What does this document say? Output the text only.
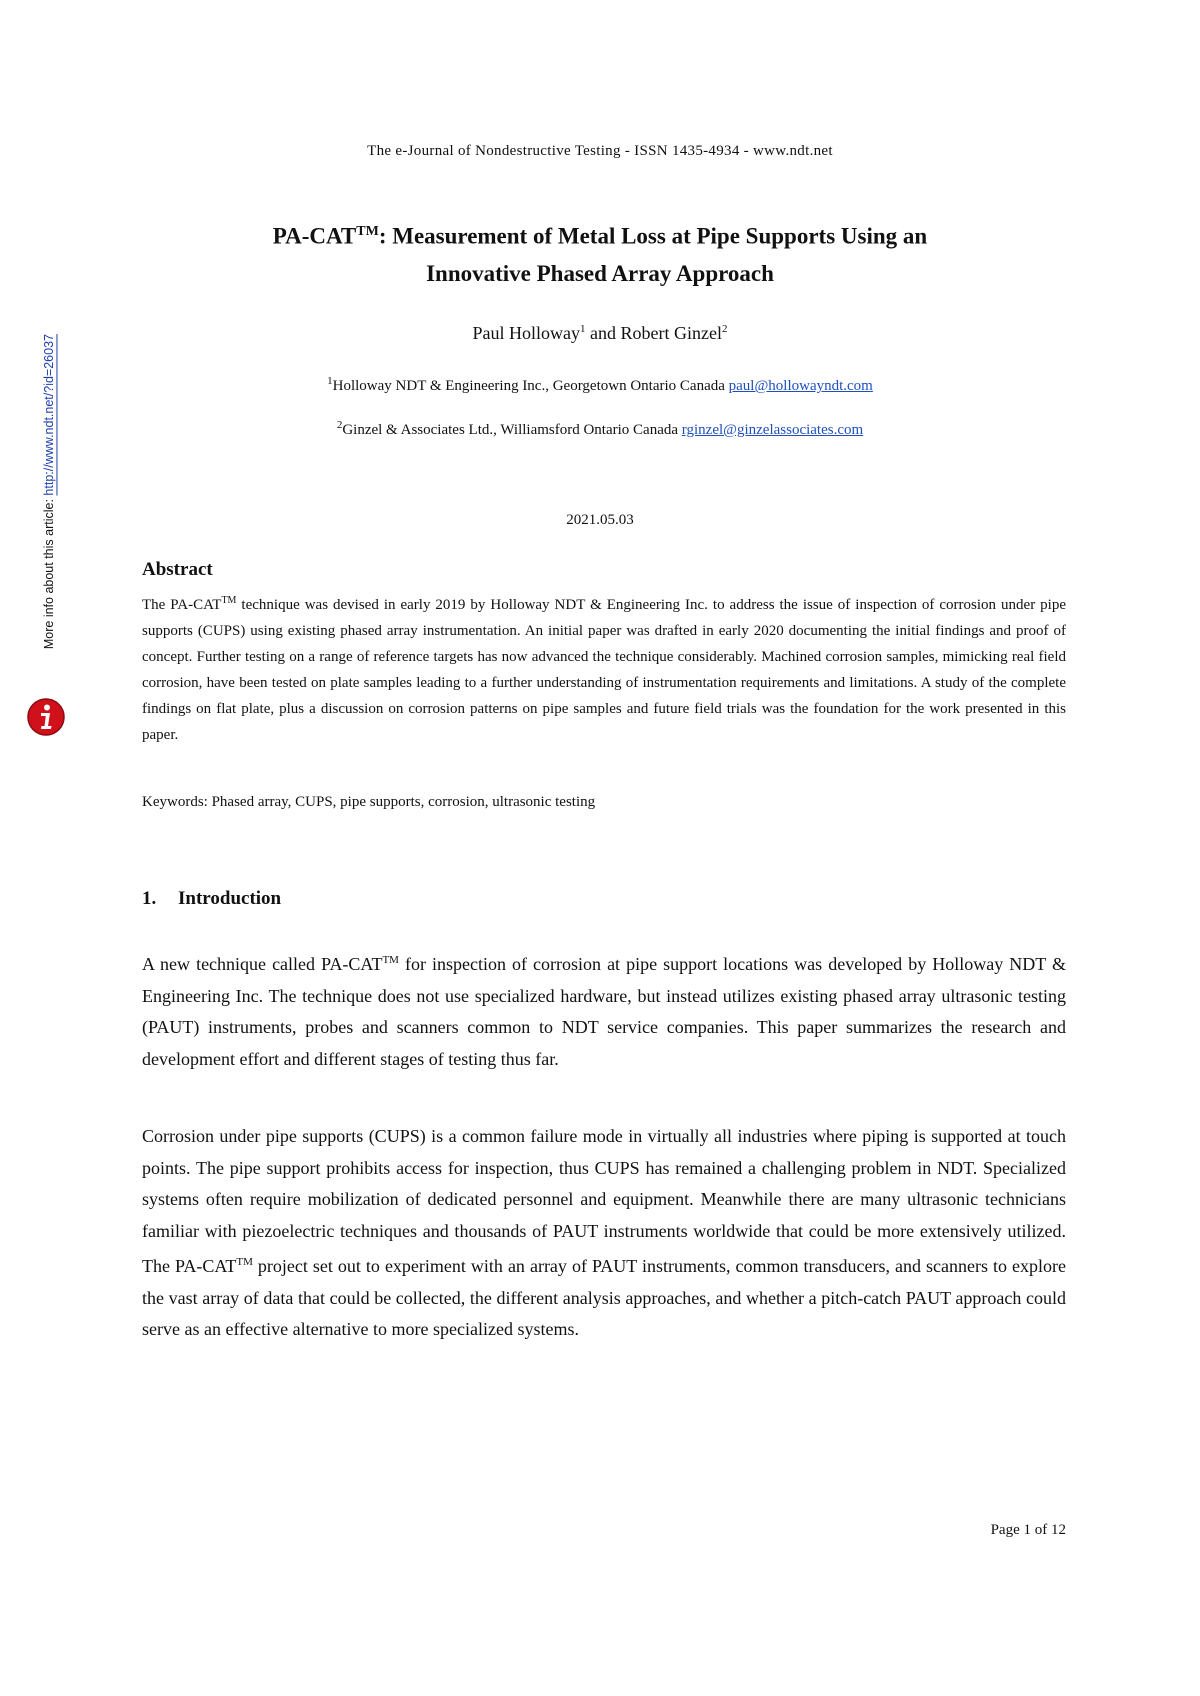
The e-Journal of Nondestructive Testing - ISSN 1435-4934 - www.ndt.net
PA-CAT™: Measurement of Metal Loss at Pipe Supports Using an
Innovative Phased Array Approach
Paul Holloway$^1$ and Robert Ginzel$^2$
$^1$Holloway NDT & Engineering Inc., Georgetown Ontario Canada paul@hollowayndt.com
$^2$Ginzel & Associates Ltd., Williamsford Ontario Canada rginzel@ginzelassociates.com
2021.05.03
Abstract
The PA-CAT™ technique was devised in early 2019 by Holloway NDT & Engineering Inc. to address the issue of inspection of corrosion under pipe supports (CUPS) using existing phased array instrumentation. An initial paper was drafted in early 2020 documenting the initial findings and proof of concept. Further testing on a range of reference targets has now advanced the technique considerably. Machined corrosion samples, mimicking real field corrosion, have been tested on plate samples leading to a further understanding of instrumentation requirements and limitations. A study of the complete findings on flat plate, plus a discussion on corrosion patterns on pipe samples and future field trials was the foundation for the work presented in this paper.
Keywords: Phased array, CUPS, pipe supports, corrosion, ultrasonic testing
1. Introduction
A new technique called PA-CAT™ for inspection of corrosion at pipe support locations was developed by Holloway NDT & Engineering Inc. The technique does not use specialized hardware, but instead utilizes existing phased array ultrasonic testing (PAUT) instruments, probes and scanners common to NDT service companies. This paper summarizes the research and development effort and different stages of testing thus far.
Corrosion under pipe supports (CUPS) is a common failure mode in virtually all industries where piping is supported at touch points. The pipe support prohibits access for inspection, thus CUPS has remained a challenging problem in NDT. Specialized systems often require mobilization of dedicated personnel and equipment. Meanwhile there are many ultrasonic technicians familiar with piezoelectric techniques and thousands of PAUT instruments worldwide that could be more extensively utilized. The PA-CAT™ project set out to experiment with an array of PAUT instruments, common transducers, and scanners to explore the vast array of data that could be collected, the different analysis approaches, and whether a pitch-catch PAUT approach could serve as an effective alternative to more specialized systems.
Page 1 of 12
More info about this article: http://www.ndt.net/?id=26037
